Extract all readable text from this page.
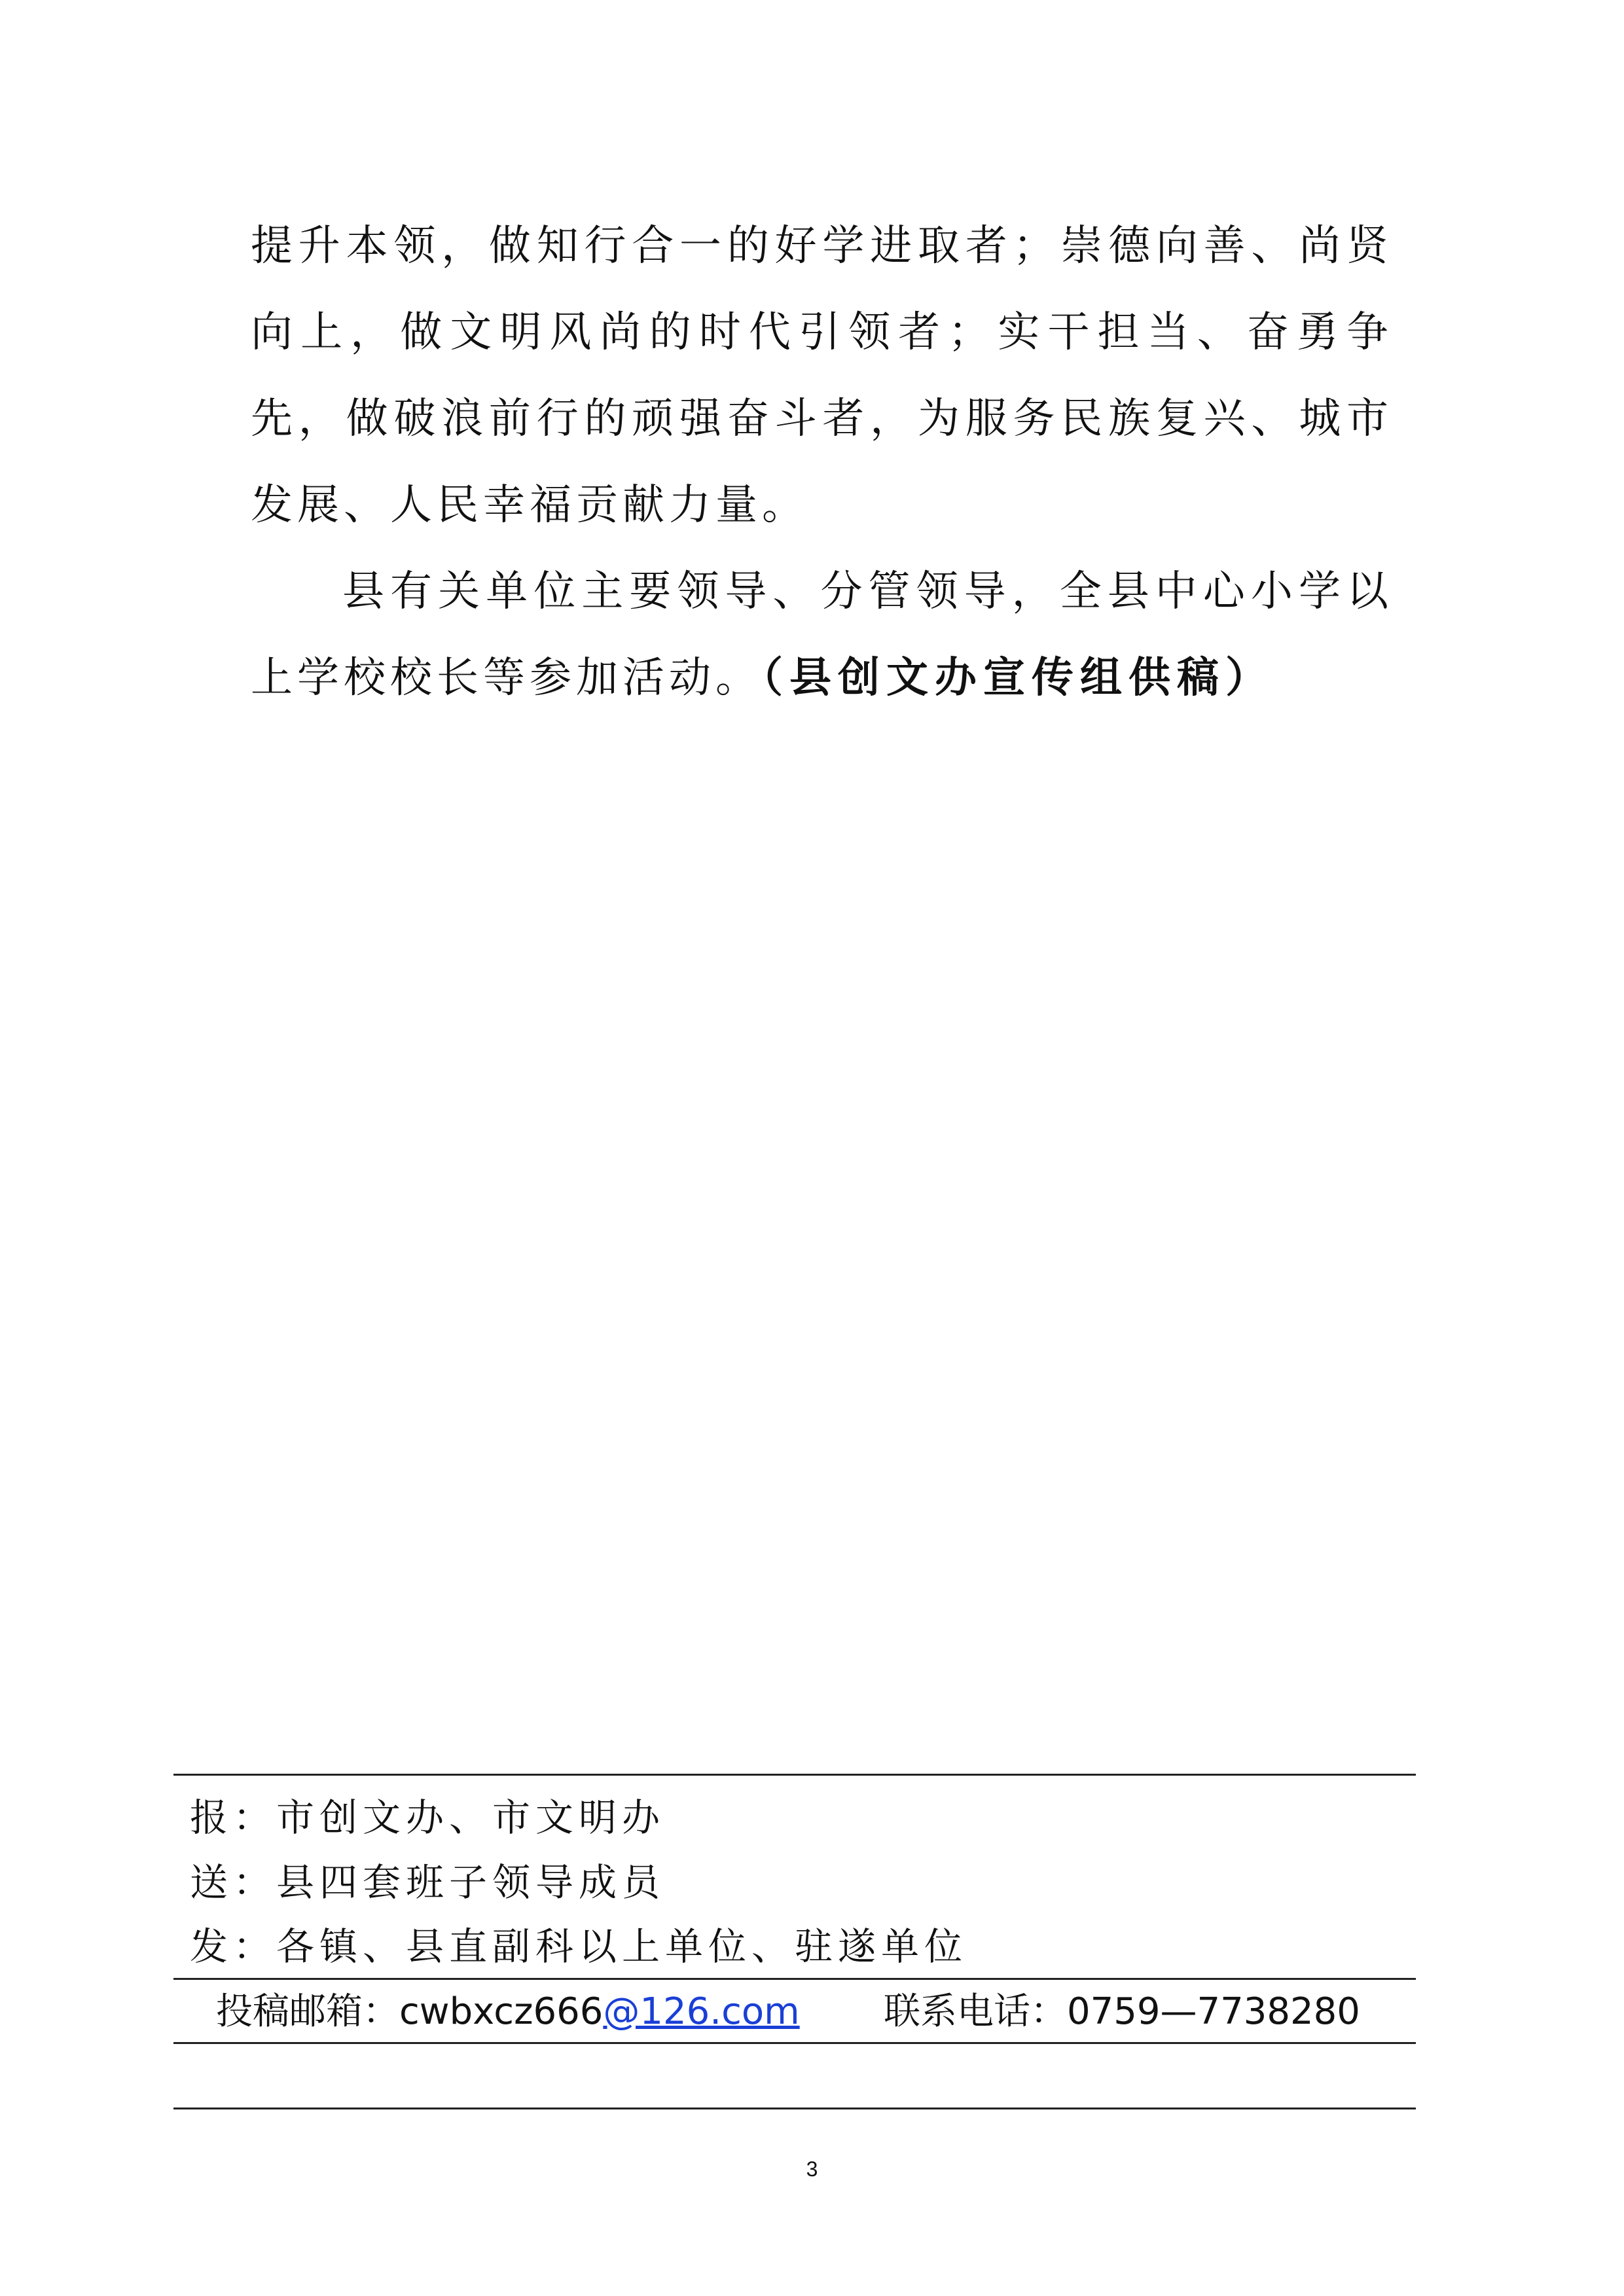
提升本领，做知行合一的好学进取者；崇德向善、尚贤向上，做文明风尚的时代引领者；实干担当、奋勇争先，做破浪前行的顽强奋斗者，为服务民族复兴、城市发展、人民幸福贡献力量。

县有关单位主要领导、分管领导，全县中心小学以上学校校长等参加活动。（县创文办宣传组供稿）

报：市创文办、市文明办
送：县四套班子领导成员
发：各镇、县直副科以上单位、驻遂单位
投稿邮箱：cwbxcz666@126.com 联系电话：0759—7738280
3
